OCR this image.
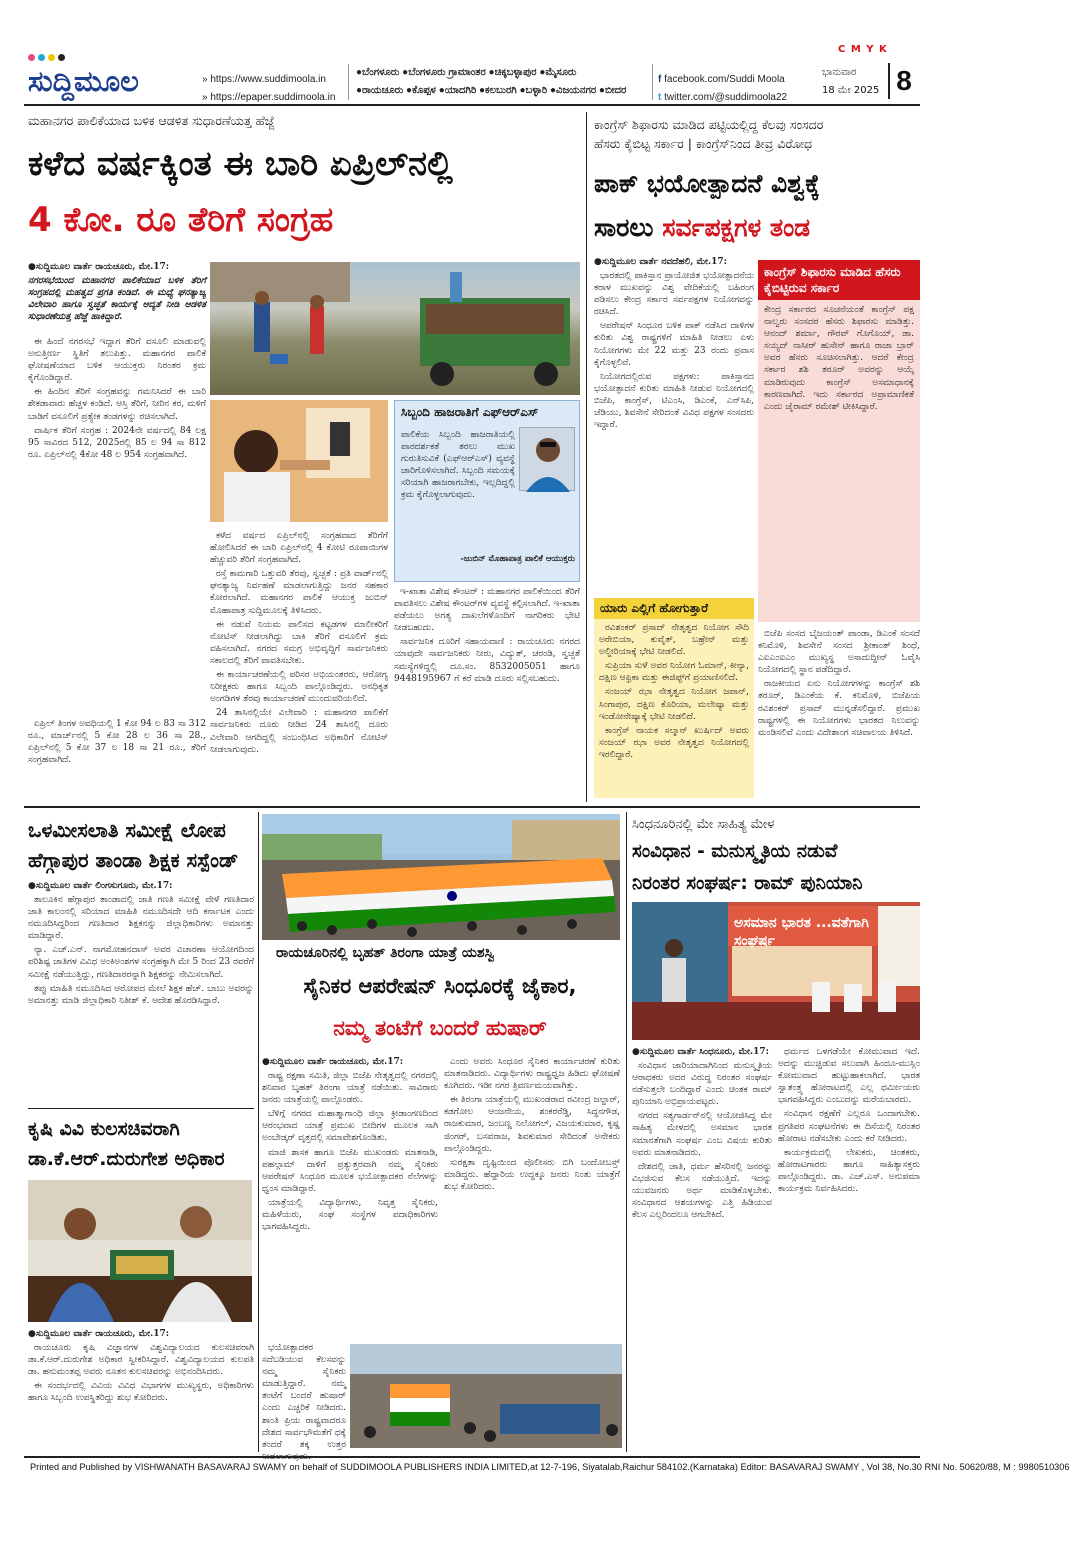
C M Y K
ಸುದ್ದಿಮೂಲ	» https://www.suddimoola.in
» https://epaper.suddimoola.in
●ಬೆಂಗಳೂರು ●ಬೆಂಗಳೂರು ಗ್ರಾಮಾಂತರ ●ಚಿಕ್ಕಬಳ್ಳಾಪುರ ●ಮೈಸೂರು
●ರಾಯಚೂರು ●ಕೊಪ್ಪಳ ●ಯಾದಗಿರಿ ●ಕಲಬುರಗಿ ●ಬಳ್ಳಾರಿ ●ವಿಜಯನಗರ ●ಬೀದರ
f facebook.com/Suddi Moola
t twitter.com/@suddimoola22
ಭಾನುವಾರ
18 ಮೇ 2025 8
ಮಹಾನಗರ ಪಾಲಿಕೆಯಾದ ಬಳಿಕ ಆಡಳಿತ ಸುಧಾರಣೆಯತ್ತ ಹೆಜ್ಜೆ
ಕಳೆದ ವರ್ಷಕ್ಕಿಂತ ಈ ಬಾರಿ ಏಪ್ರಿಲ್‌ನಲ್ಲಿ
4 ಕೋ. ರೂ ತೆರಿಗೆ ಸಂಗ್ರಹ
●ಸುದ್ದಿಮೂಲ ವಾರ್ತೆ ರಾಯಚೂರು, ಮೇ.17:
ನಗರಸಭೆಯಿಂದ ಮಹಾನಗರ ಪಾಲಿಕೆಯಾದ ಬಳಿಕ ತೆರಿಗೆ ಸಂಗ್ರಹದಲ್ಲಿ ಮಹತ್ವದ ಪ್ರಗತಿ ಕಂಡಿದೆ. ಈ ಮಧ್ಯೆ ಘನತ್ಯಾಜ್ಯ ವಿಲೇವಾರಿ ಹಾಗೂ ಸ್ವಚ್ಛತೆ ಕಾರ್ಯಕ್ಕೆ ಆದ್ಯತೆ ನೀಡಿ ಆಡಳಿತ ಸುಧಾರಣೆಯತ್ತ ಹೆಜ್ಜೆ ಹಾಕಿದ್ದಾರೆ.

ಈ ಹಿಂದೆ ನಗರಸಭೆ ಇದ್ದಾಗ ತೆರಿಗೆ ವಸೂಲಿ ಮಾಡುವಲ್ಲಿ ಅನುತ್ತೀರ್ಣ ಸ್ಥಿತಿಗೆ ತಲುಪಿತ್ತು. ಮಹಾನಗರ ಪಾಲಿಕೆ ಘೋಷಣೆಯಾದ ಬಳಿಕ ಆಯುಕ್ತರು ನಿರಂತರ ಕ್ರಮ ಕೈಗೊಂಡಿದ್ದಾರೆ.

ಈ ಹಿಂದಿನ ತೆರಿಗೆ ಸಂಗ್ರಹವನ್ನು ಗಮನಿಸಿದರೆ ಈ ಬಾರಿ ಶೇಕಡಾವಾರು ಹೆಚ್ಚಳ ಕಂಡಿದೆ. ಆಸ್ತಿ ತೆರಿಗೆ, ನೀರಿನ ಕರ, ಮಳಿಗೆ ಬಾಡಿಗೆ ವಸೂಲಿಗೆ ಪ್ರತ್ಯೇಕ ತಂಡಗಳನ್ನು ರಚಿಸಲಾಗಿದೆ.

ವಾರ್ಷಿಕ ತೆರಿಗೆ ಸಂಗ್ರಹ : 2024ನೇ ವರ್ಷದಲ್ಲಿ 84 ಲಕ್ಷ 95 ಸಾವಿರದ 512, 2025ರಲ್ಲಿ 85 ಲ 94 ಸಾ 812 ರೂ. ಏಪ್ರಿಲ್‌ನಲ್ಲಿ 4ಕೋ 48 ಲ 954 ಸಂಗ್ರಹವಾಗಿದೆ.

ಏಪ್ರಿಲ್ ತಿಂಗಳ ಅವಧಿಯಲ್ಲಿ 1 ಕೋ 94 ಲ 83 ಸಾ 312 ರೂ., ಮಾರ್ಚ್‌ನಲ್ಲಿ 5 ಕೋ 28 ಲ 36 ಸಾ 28., ಏಪ್ರಿಲ್‌ನಲ್ಲಿ 5 ಕೋ 37 ಲ 18 ಸಾ 21 ರೂ., ತೆರಿಗೆ ಸಂಗ್ರಹವಾಗಿದೆ.

ಕಳೆದ ವರ್ಷದ ಏಪ್ರಿಲ್‌ನಲ್ಲಿ ಸಂಗ್ರಹವಾದ ತೆರಿಗೆಗೆ ಹೋಲಿಸಿದರೆ ಈ ಬಾರಿ ಏಪ್ರಿಲ್‌ನಲ್ಲಿ 4 ಕೋಟಿ ರೂಪಾಯಿಗಳ ಹೆಚ್ಚುವರಿ ತೆರಿಗೆ ಸಂಗ್ರಹವಾಗಿದೆ.

ರಸ್ತೆ ಕಾಮಗಾರಿ ಒತ್ತುವರಿ ತೆರವು, ಸ್ವಚ್ಛತೆ : ಪ್ರತಿ ವಾರ್ಡ್‌ನಲ್ಲಿ ಘನತ್ಯಾಜ್ಯ ನಿರ್ವಹಣೆ ಮಾಡಲಾಗುತ್ತಿದ್ದು ಜನರ ಸಹಕಾರ ಕೋರಲಾಗಿದೆ. ಮಹಾನಗರ ಪಾಲಿಕೆ ಆಯುಕ್ತ ಜುಬಿನ್ ಮೊಹಾಪಾತ್ರ ಸುದ್ದಿಮೂಲಕ್ಕೆ ತಿಳಿಸಿದರು.

ಈ ನಡುವೆ ನಿಯಮ ಪಾಲಿಸದ ಕಟ್ಟಡಗಳ ಮಾಲೀಕರಿಗೆ ನೋಟಿಸ್ ನೀಡಲಾಗಿದ್ದು ಬಾಕಿ ತೆರಿಗೆ ವಸೂಲಿಗೆ ಕ್ರಮ ವಹಿಸಲಾಗಿದೆ. ನಗರದ ಸಮಗ್ರ ಅಭಿವೃದ್ಧಿಗೆ ಸಾರ್ವಜನಿಕರು ಸಕಾಲದಲ್ಲಿ ತೆರಿಗೆ ಪಾವತಿಸಬೇಕು.

ಈ ಕಾರ್ಯಾಚರಣೆಯಲ್ಲಿ ಪರಿಸರ ಅಭಿಯಂತರರು, ಆರೋಗ್ಯ ನಿರೀಕ್ಷಕರು ಹಾಗೂ ಸಿಬ್ಬಂದಿ ಪಾಲ್ಗೊಂಡಿದ್ದರು. ಅನಧಿಕೃತ ಅಂಗಡಿಗಳ ತೆರವು ಕಾರ್ಯಾಚರಣೆ ಮುಂದುವರಿಯಲಿದೆ.

24 ತಾಸಿನಲ್ಲಿಯೇ ವಿಲೇವಾರಿ : ಮಹಾನಗರ ಪಾಲಿಕೆಗೆ ಸಾರ್ವಜನಿಕರು ದೂರು ನೀಡಿದ 24 ತಾಸಿನಲ್ಲಿ ದೂರು ವಿಲೇವಾರಿ ಆಗದಿದ್ದಲ್ಲಿ ಸಂಬಂಧಿಸಿದ ಅಧಿಕಾರಿಗೆ ನೋಟಿಸ್ ನೀಡಲಾಗುವುದು.

ಸಿಬ್ಬಂದಿ ಹಾಜರಾತಿಗೆ ಎಫ್‌ಆರ್‌ಎಸ್
ಪಾಲಿಕೆಯ ಸಿಬ್ಬಂದಿ ಹಾಜರಾತಿಯಲ್ಲಿ ಪಾರದರ್ಶಕತೆ ತರಲು ಮುಖ ಗುರುತಿಸುವಿಕೆ (ಎಫ್‌ಆರ್‌ಎಸ್) ವ್ಯವಸ್ಥೆ ಜಾರಿಗೊಳಿಸಲಾಗಿದೆ. ಸಿಬ್ಬಂದಿ ಸಮಯಕ್ಕೆ ಸರಿಯಾಗಿ ಹಾಜರಾಗಬೇಕು, ಇಲ್ಲದಿದ್ದಲ್ಲಿ ಕ್ರಮ ಕೈಗೊಳ್ಳಲಾಗುವುದು.
-ಜುಬಿನ್ ಮೊಹಾಪಾತ್ರ ಪಾಲಿಕೆ ಆಯುಕ್ತರು

ಇ-ಖಾತಾ ವಿಶೇಷ ಕೌಂಟರ್ : ಮಹಾನಗರ ಪಾಲಿಕೆಯಿಂದ ತೆರಿಗೆ ಪಾವತಿಸಲು ವಿಶೇಷ ಕೌಂಟರ್‌ಗಳ ವ್ಯವಸ್ಥೆ ಕಲ್ಪಿಸಲಾಗಿದೆ. ಇ-ಖಾತಾ ಪಡೆಯಲು ಅಗತ್ಯ ದಾಖಲೆಗಳೊಂದಿಗೆ ನಾಗರಿಕರು ಭೇಟಿ ನೀಡಬಹುದು.

ಸಾರ್ವಜನಿಕ ದೂರಿಗೆ ಸಹಾಯವಾಣಿ : ರಾಯಚೂರು ನಗರದ ಯಾವುದೇ ಸಾರ್ವಜನಿಕರು ನೀರು, ವಿದ್ಯುತ್, ಚರಂಡಿ, ಸ್ವಚ್ಛತೆ ಸಮಸ್ಯೆಗಳಿದ್ದಲ್ಲಿ ದೂ.ಸಂ. 8532005051 ಹಾಗೂ 9448195967 ಗೆ ಕರೆ ಮಾಡಿ ದೂರು ಸಲ್ಲಿಸಬಹುದು.

ಕಾಂಗ್ರೆಸ್ ಶಿಫಾರಸು ಮಾಡಿದ ಪಟ್ಟಿಯಲ್ಲಿದ್ದ ಕೆಲವು ಸಂಸದರ
ಹೆಸರು ಕೈಬಿಟ್ಟ ಸರ್ಕಾರ | ಕಾಂಗ್ರೆಸ್‌ನಿಂದ ತೀವ್ರ ವಿರೋಧ
ಪಾಕ್ ಭಯೋತ್ಪಾದನೆ ವಿಶ್ವಕ್ಕೆ
ಸಾರಲು ಸರ್ವಪಕ್ಷಗಳ ತಂಡ
●ಸುದ್ದಿಮೂಲ ವಾರ್ತೆ ನವದೆಹಲಿ, ಮೇ.17:

ಭಾರತದಲ್ಲಿ ಪಾಕಿಸ್ತಾನ ಪ್ರಾಯೋಜಿತ ಭಯೋತ್ಪಾದನೆಯ ಕರಾಳ ಮುಖವನ್ನು ವಿಶ್ವ ವೇದಿಕೆಯಲ್ಲಿ ಬಹಿರಂಗ ಪಡಿಸಲು ಕೇಂದ್ರ ಸರ್ಕಾರ ಸರ್ವಪಕ್ಷಗಳ ನಿಯೋಗವನ್ನು ರಚಿಸಿದೆ.

ಆಪರೇಷನ್ ಸಿಂಧೂರ ಬಳಿಕ ಪಾಕ್ ನಡೆಸಿದ ದಾಳಿಗಳ ಕುರಿತು ವಿಶ್ವ ರಾಷ್ಟ್ರಗಳಿಗೆ ಮಾಹಿತಿ ನೀಡಲು ಏಳು ನಿಯೋಗಗಳು ಮೇ 22 ಮತ್ತು 23 ರಂದು ಪ್ರವಾಸ ಕೈಗೊಳ್ಳಲಿವೆ.

ನಿಯೋಗದಲ್ಲಿರುವ ಪಕ್ಷಗಳು: ಪಾಕಿಸ್ತಾನದ ಭಯೋತ್ಪಾದನೆ ಕುರಿತು ಮಾಹಿತಿ ನೀಡುವ ನಿಯೋಗದಲ್ಲಿ ಬಿಜೆಪಿ, ಕಾಂಗ್ರೆಸ್, ಟಿಎಂಸಿ, ಡಿಎಂಕೆ, ಎನ್‌ಸಿಪಿ, ಜೆಡಿಯು, ಶಿವಸೇನೆ ಸೇರಿದಂತೆ ವಿವಿಧ ಪಕ್ಷಗಳ ಸಂಸದರು ಇದ್ದಾರೆ.

ಕಾಂಗ್ರೆಸ್ ಶಿಫಾರಸು ಮಾಡಿದ ಹೆಸರು ಕೈಬಿಟ್ಟಿರುವ ಸರ್ಕಾರ
ಕೇಂದ್ರ ಸರ್ಕಾರದ ಸೂಚನೆಯಂತೆ ಕಾಂಗ್ರೆಸ್ ಪಕ್ಷ ನಾಲ್ವರು ಸಂಸದರ ಹೆಸರು ಶಿಫಾರಸು ಮಾಡಿತ್ತು. ಆನಂದ್ ಶರ್ಮಾ, ಗೌರವ್ ಗೊಗೊಯ್, ಡಾ. ಸಯ್ಯದ್ ನಾಸೀರ್ ಹುಸೇನ್ ಹಾಗೂ ರಾಜಾ ಬ್ರಾರ್ ಅವರ ಹೆಸರು ಸೂಚಿಸಲಾಗಿತ್ತು. ಆದರೆ ಕೇಂದ್ರ ಸರ್ಕಾರ ಶಶಿ ತರೂರ್ ಅವರನ್ನು ಆಯ್ಕೆ ಮಾಡಿರುವುದು ಕಾಂಗ್ರೆಸ್ ಅಸಮಾಧಾನಕ್ಕೆ ಕಾರಣವಾಗಿದೆ. ಇದು ಸರ್ಕಾರದ ಅಪ್ರಾಮಾಣಿಕತೆ ಎಂದು ಜೈರಾಮ್ ರಮೇಶ್ ಟೀಕಿಸಿದ್ದಾರೆ.
ಯಾರು ಎಲ್ಲಿಗೆ ಹೋಗುತ್ತಾರೆ

ರವಿಶಂಕರ್ ಪ್ರಸಾದ್ ನೇತೃತ್ವದ ನಿಯೋಗ ಸೌದಿ ಅರೇಬಿಯಾ, ಕುವೈತ್, ಬಹ್ರೇನ್ ಮತ್ತು ಅಲ್ಜೀರಿಯಾಕ್ಕೆ ಭೇಟಿ ನೀಡಲಿದೆ.

ಸುಪ್ರಿಯಾ ಸುಳೆ ಅವರ ನಿಯೋಗ ಓಮಾನ್, ಕೀನ್ಯಾ, ದಕ್ಷಿಣ ಆಫ್ರಿಕಾ ಮತ್ತು ಈಜಿಪ್ಟ್‌ಗೆ ಪ್ರಯಾಣಿಸಲಿದೆ.

ಸಂಜಯ್ ಝಾ ನೇತೃತ್ವದ ನಿಯೋಗ ಜಪಾನ್, ಸಿಂಗಾಪುರ, ದಕ್ಷಿಣ ಕೊರಿಯಾ, ಮಲೇಷ್ಯಾ ಮತ್ತು ಇಂಡೋನೇಷ್ಯಾಕ್ಕೆ ಭೇಟಿ ನೀಡಲಿದೆ.

ಕಾಂಗ್ರೆಸ್ ನಾಯಕ ಸಲ್ಮಾನ್ ಖುರ್ಷಿದ್ ಅವರು ಸಂಜಯ್ ಝಾ ಅವರ ನೇತೃತ್ವದ ನಿಯೋಗದಲ್ಲಿ ಇರಲಿದ್ದಾರೆ.

ಬಿಜೆಪಿ ಸಂಸದ ಬೈಜಯಂತ್ ಪಾಂಡಾ, ಡಿಎಂಕೆ ಸಂಸದೆ ಕನಿಮೊಳಿ, ಶಿವಸೇನೆ ಸಂಸದ ಶ್ರೀಕಾಂತ್ ಶಿಂಧೆ, ಎಐಎಂಐಎಂ ಮುಖ್ಯಸ್ಥ ಅಸಾದುದ್ದೀನ್ ಓವೈಸಿ ನಿಯೋಗದಲ್ಲಿ ಸ್ಥಾನ ಪಡೆದಿದ್ದಾರೆ.

ರಾಜಕೀಯದ ಏನು ನಿಯೋಗಗಳನ್ನು ಕಾಂಗ್ರೆಸ್ ಶಶಿ ತರೂರ್, ಡಿಎಂಕೆಯ ಕೆ. ಕನಿಮೊಳಿ, ಬಿಜೆಪಿಯ ರವಿಶಂಕರ್ ಪ್ರಸಾದ್ ಮುನ್ನಡೆಸಲಿದ್ದಾರೆ. ಪ್ರಮುಖ ರಾಷ್ಟ್ರಗಳಲ್ಲಿ ಈ ನಿಯೋಗಗಳು ಭಾರತದ ನಿಲುವನ್ನು ಮಂಡಿಸಲಿವೆ ಎಂದು ವಿದೇಶಾಂಗ ಸಚಿವಾಲಯ ತಿಳಿಸಿದೆ.

ಒಳಮೀಸಲಾತಿ ಸಮೀಕ್ಷೆ ಲೋಪ
ಹೆಗ್ಗಾಪುರ ತಾಂಡಾ ಶಿಕ್ಷಕ ಸಸ್ಪೆಂಡ್
●ಸುದ್ದಿಮೂಲ ವಾರ್ತೆ ಲಿಂಗಸುಗೂರು, ಮೇ.17:

ತಾಲೂಕಿನ ಹೆಗ್ಗಾಪುರ ತಾಂಡಾದಲ್ಲಿ ಜಾತಿ ಗಣತಿ ಸಮೀಕ್ಷೆ ವೇಳೆ ಗಣತಿದಾರ ಜಾತಿ ಕಾಲಂನಲ್ಲಿ ಸರಿಯಾದ ಮಾಹಿತಿ ನಮೂದಿಸದೇ ಆದಿ ಕರ್ನಾಟಕ ಎಂದು ನಮೂದಿಸಿದ್ದರಿಂದ ಗಣತಿದಾರ ಶಿಕ್ಷಕನನ್ನು ಜಿಲ್ಲಾಧಿಕಾರಿಗಳು ಅಮಾನತ್ತು ಮಾಡಿದ್ದಾರೆ.

ನ್ಯಾ. ಎಚ್.ಎನ್. ನಾಗಮೋಹನದಾಸ್ ಅವರ ವಿಚಾರಣಾ ಆಯೋಗದಿಂದ ಪರಿಶಿಷ್ಟ ಜಾತಿಗಳ ವಿವಿಧ ಅಂಕಿಅಂಶಗಳ ಸಂಗ್ರಹಕ್ಕಾಗಿ ಮೇ 5 ರಿಂದ 23 ರವರೆಗೆ ಸಮೀಕ್ಷೆ ನಡೆಯುತ್ತಿದ್ದು, ಗಣತಿದಾರರನ್ನಾಗಿ ಶಿಕ್ಷಕರನ್ನು ನೇಮಿಸಲಾಗಿದೆ.

ತಪ್ಪು ಮಾಹಿತಿ ನಮೂದಿಸಿದ ಆರೋಪದ ಮೇಲೆ ಶಿಕ್ಷಕ ಹೆಚ್. ಬಾಬು ಅವರನ್ನು ಅಮಾನತ್ತು ಮಾಡಿ ಜಿಲ್ಲಾಧಿಕಾರಿ ನಿತೀಶ್ ಕೆ. ಆದೇಶ ಹೊರಡಿಸಿದ್ದಾರೆ.

ಕೃಷಿ ವಿವಿ ಕುಲಸಚಿವರಾಗಿ
ಡಾ.ಕೆ.ಆರ್.ದುರುಗೇಶ ಅಧಿಕಾರ
●ಸುದ್ದಿಮೂಲ ವಾರ್ತೆ ರಾಯಚೂರು, ಮೇ.17:

ರಾಯಚೂರು ಕೃಷಿ ವಿಜ್ಞಾನಗಳ ವಿಶ್ವವಿದ್ಯಾಲಯದ ಕುಲಸಚಿವರಾಗಿ ಡಾ.ಕೆ.ಆರ್.ದುರುಗೇಶ ಅಧಿಕಾರ ಸ್ವೀಕರಿಸಿದ್ದಾರೆ. ವಿಶ್ವವಿದ್ಯಾಲಯದ ಕುಲಪತಿ ಡಾ. ಹನುಮಂತಪ್ಪ ಅವರು ನೂತನ ಕುಲಸಚಿವರನ್ನು ಅಭಿನಂದಿಸಿದರು.

ಈ ಸಂದರ್ಭದಲ್ಲಿ ವಿವಿಯ ವಿವಿಧ ವಿಭಾಗಗಳ ಮುಖ್ಯಸ್ಥರು, ಅಧಿಕಾರಿಗಳು ಹಾಗೂ ಸಿಬ್ಬಂದಿ ಉಪಸ್ಥಿತರಿದ್ದು ಶುಭ ಕೋರಿದರು.

ರಾಯಚೂರಿನಲ್ಲಿ ಬೃಹತ್ ತಿರಂಗಾ ಯಾತ್ರೆ ಯಶಸ್ವಿ
ಸೈನಿಕರ ಆಪರೇಷನ್ ಸಿಂಧೂರಕ್ಕೆ ಜೈಕಾರ,
ನಮ್ಮ ತಂಟೆಗೆ ಬಂದರೆ ಹುಷಾರ್
●ಸುದ್ದಿಮೂಲ ವಾರ್ತೆ ರಾಯಚೂರು, ಮೇ.17:

ರಾಷ್ಟ್ರ ರಕ್ಷಣಾ ಸಮಿತಿ, ಜಿಲ್ಲಾ ಬಿಜೆಪಿ ನೇತೃತ್ವದಲ್ಲಿ ನಗರದಲ್ಲಿ ಶನಿವಾರ ಬೃಹತ್ ತಿರಂಗಾ ಯಾತ್ರೆ ನಡೆಯಿತು. ಸಾವಿರಾರು ಜನರು ಯಾತ್ರೆಯಲ್ಲಿ ಪಾಲ್ಗೊಂಡರು.

ಬೆಳಿಗ್ಗೆ ನಗರದ ಮಹಾತ್ಮಾಗಾಂಧಿ ಜಿಲ್ಲಾ ಕ್ರೀಡಾಂಗಣದಿಂದ ಆರಂಭವಾದ ಯಾತ್ರೆ ಪ್ರಮುಖ ಬೀದಿಗಳ ಮೂಲಕ ಸಾಗಿ ಅಂಬೇಡ್ಕರ್ ವೃತ್ತದಲ್ಲಿ ಸಮಾವೇಶಗೊಂಡಿತು.

ಮಾಜಿ ಶಾಸಕ ಹಾಗೂ ಬಿಜೆಪಿ ಮುಖಂಡರು ಮಾತನಾಡಿ, ಪಹಲ್ಗಾಮ್ ದಾಳಿಗೆ ಪ್ರತ್ಯುತ್ತರವಾಗಿ ನಮ್ಮ ಸೈನಿಕರು ಆಪರೇಷನ್ ಸಿಂಧೂರ ಮೂಲಕ ಭಯೋತ್ಪಾದಕರ ನೆಲೆಗಳನ್ನು ಧ್ವಂಸ ಮಾಡಿದ್ದಾರೆ.

ಯಾತ್ರೆಯಲ್ಲಿ ವಿದ್ಯಾರ್ಥಿಗಳು, ನಿವೃತ್ತ ಸೈನಿಕರು, ಮಹಿಳೆಯರು, ಸಂಘ ಸಂಸ್ಥೆಗಳ ಪದಾಧಿಕಾರಿಗಳು ಭಾಗವಹಿಸಿದ್ದರು.

ಎಂದು ಅವರು ಸಿಂಧೂರ ಸೈನಿಕರ ಕಾರ್ಯಾಚರಣೆ ಕುರಿತು ಮಾತನಾಡಿದರು. ವಿದ್ಯಾರ್ಥಿಗಳು ರಾಷ್ಟ್ರಧ್ವಜ ಹಿಡಿದು ಘೋಷಣೆ ಕೂಗಿದರು. ಇಡೀ ನಗರ ತ್ರಿವರ್ಣಮಯವಾಗಿತ್ತು.

ಈ ತಿರಂಗಾ ಯಾತ್ರೆಯಲ್ಲಿ ಮುಖಂಡರಾದ ರವೀಂದ್ರ ಜಲ್ದಾರ್, ಕಡಗೋಲ ಆಂಜನೇಯ, ಶಂಕರರೆಡ್ಡಿ, ಸಿದ್ಧನಗೌಡ, ರಾಜಕುಮಾರ, ಜಂಬಣ್ಣ ನಿಲೋಗಲ್, ವಿಜಯಕುಮಾರ, ಕೃಷ್ಣ ಜಿಂಗರ್, ಬಸವರಾಜ, ಶಿವಕುಮಾರ ಸೇರಿದಂತೆ ಅನೇಕರು ಪಾಲ್ಗೊಂಡಿದ್ದರು.

ಸುರಕ್ಷತಾ ದೃಷ್ಟಿಯಿಂದ ಪೊಲೀಸರು ಬಿಗಿ ಬಂದೋಬಸ್ತ್ ಮಾಡಿದ್ದರು. ಹೆದ್ದಾರಿಯ ಉದ್ದಕ್ಕೂ ಜನರು ನಿಂತು ಯಾತ್ರೆಗೆ ಶುಭ ಕೋರಿದರು.

ಭಯೋತ್ಪಾದಕರ ಸದೆಬಡಿಯುವ ಕೆಲಸವನ್ನು ನಮ್ಮ ಸೈನಿಕರು ಮಾಡುತ್ತಿದ್ದಾರೆ. ನಮ್ಮ ತಂಟೆಗೆ ಬಂದರೆ ಹುಷಾರ್ ಎಂದು ಎಚ್ಚರಿಕೆ ನೀಡಿದರು. ಶಾಂತಿ ಪ್ರಿಯ ರಾಷ್ಟ್ರವಾದರೂ ದೇಶದ ಸಾರ್ವಭೌಮತೆಗೆ ಧಕ್ಕೆ ತಂದರೆ ತಕ್ಕ ಉತ್ತರ

ಸಿಂಧನೂರಿನಲ್ಲಿ ಮೇ ಸಾಹಿತ್ಯ ಮೇಳ
ಸಂವಿಧಾನ - ಮನುಸ್ಮೃತಿಯ ನಡುವೆ
ನಿರಂತರ ಸಂಘರ್ಷ: ರಾಮ್ ಪುನಿಯಾನಿ
ಅಸಮಾನ ಭಾರತ ...ವತೆಗಾಗಿ ಸಂಘರ್ಷ
●ಸುದ್ದಿಮೂಲ ವಾರ್ತೆ ಸಿಂಧನೂರು, ಮೇ.17:

ಸಂವಿಧಾನ ಜಾರಿಯಾದಾಗಿನಿಂದ ಮನುಸ್ಮೃತಿಯ ಆರಾಧಕರು ಅದರ ವಿರುದ್ಧ ನಿರಂತರ ಸಂಘರ್ಷ ನಡೆಸುತ್ತಲೇ ಬಂದಿದ್ದಾರೆ ಎಂದು ಚಿಂತಕ ರಾಮ್ ಪುನಿಯಾನಿ ಅಭಿಪ್ರಾಯಪಟ್ಟರು.

ನಗರದ ಸತ್ಯಗಾರ್ಡನ್‌ನಲ್ಲಿ ಆಯೋಜಿಸಿದ್ದ ಮೇ ಸಾಹಿತ್ಯ ಮೇಳದಲ್ಲಿ ಅಸಮಾನ ಭಾರತ ಸಮಾನತೆಗಾಗಿ ಸಂಘರ್ಷ ಎಂಬ ವಿಷಯ ಕುರಿತು ಅವರು ಮಾತನಾಡಿದರು.

ದೇಶದಲ್ಲಿ ಜಾತಿ, ಧರ್ಮ ಹೆಸರಿನಲ್ಲಿ ಜನರನ್ನು ವಿಭಜಿಸುವ ಕೆಲಸ ನಡೆಯುತ್ತಿದೆ. ಇದನ್ನು ಯುವಜನರು ಅರ್ಥ ಮಾಡಿಕೊಳ್ಳಬೇಕು. ಸಂವಿಧಾನದ ಆಶಯಗಳನ್ನು ಎತ್ತಿ ಹಿಡಿಯುವ ಕೆಲಸ ಎಲ್ಲರಿಂದಲೂ ಆಗಬೇಕಿದೆ.

ಧರ್ಮದ ಒಳಗಡೆಯೇ ಕೋಮುವಾದ ಇದೆ. ಅದನ್ನು ಮುಚ್ಚಿಡುವ ಸಲುವಾಗಿ ಹಿಂದೂ-ಮುಸ್ಲಿಂ ಕೋಮುವಾದ ಹುಟ್ಟುಹಾಕಲಾಗಿದೆ. ಭಾರತ ಸ್ವಾತಂತ್ರ್ಯ ಹೋರಾಟದಲ್ಲಿ ಎಲ್ಲ ಧರ್ಮೀಯರು ಭಾಗವಹಿಸಿದ್ದರು ಎಂಬುದನ್ನು ಮರೆಯಬಾರದು.

ಸಂವಿಧಾನ ರಕ್ಷಣೆಗೆ ಎಲ್ಲರೂ ಒಂದಾಗಬೇಕು. ಪ್ರಗತಿಪರ ಸಂಘಟನೆಗಳು ಈ ದಿಸೆಯಲ್ಲಿ ನಿರಂತರ ಹೋರಾಟ ನಡೆಸಬೇಕು ಎಂದು ಕರೆ ನೀಡಿದರು.

ಕಾರ್ಯಕ್ರಮದಲ್ಲಿ ಲೇಖಕರು, ಚಿಂತಕರು, ಹೋರಾಟಗಾರರು ಹಾಗೂ ಸಾಹಿತ್ಯಾಸಕ್ತರು ಪಾಲ್ಗೊಂಡಿದ್ದರು. ಡಾ. ಎಚ್.ಎಸ್. ಅನುಪಮಾ ಕಾರ್ಯಕ್ರಮ ನಿರ್ವಹಿಸಿದರು.

Printed and Published by VISHWANATH BASAVARAJ SWAMY on behalf of SUDDIMOOLA PUBLISHERS INDIA LIMITED,at 12-7-196, Siyatalab,Raichur 584102.(Karnataka) Editor: BASAVARAJ SWAMY , Vol 38, No.30 RNI No. 50620/88, M : 9980510306
